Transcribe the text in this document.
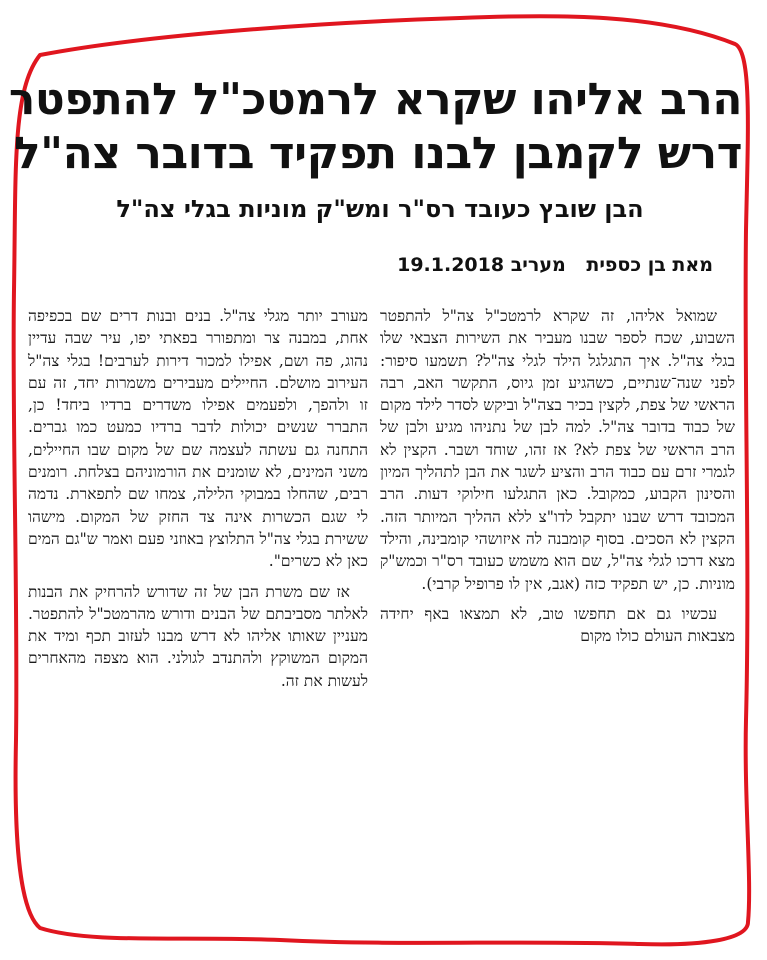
הרב אליהו שקרא לרמטכ"ל להתפטר
דרש לקמבן לבנו תפקיד בדובר צה"ל
הבן שובץ כעובד רס"ר ומש"ק מוניות בגלי צה"ל
מאת בן כספית מעריב 19.1.2018

שמואל אליהו, זה שקרא לרמטכ"ל צה"ל להתפטר השבוע, שכח לספר שבנו מעביר את השירות הצבאי שלו בגלי צה"ל. איך התגלגל הילד לגלי צה"ל? תשמעו סיפור: לפני שנה־שנתיים, כשהגיע זמן גיוס, התקשר האב, רבה הראשי של צפת, לקצין בכיר בצה"ל וביקש לסדר לילד מקום של כבוד בדובר צה"ל. למה לבן של נתניהו מגיע ולבן של הרב הראשי של צפת לא? אז זהו, שוחד ושבר. הקצין לא לגמרי זרם עם כבוד הרב והציע לשגר את הבן לתהליך המיון והסינון הקבוע, כמקובל. כאן התגלעו חילוקי דעות. הרב המכובד דרש שבנו יתקבל לדו"צ ללא ההליך המיותר הזה. הקצין לא הסכים. בסוף קומבנה לה איזושהי קומבינה, והילד מצא דרכו לגלי צה"ל, שם הוא משמש כעובד רס"ר וכמש"ק מוניות. כן, יש תפקיד כזה (אגב, אין לו פרופיל קרבי).

עכשיו גם אם תחפשו טוב, לא תמצאו באף יחידה מצבאות העולם כולו מקום

מעורב יותר מגלי צה"ל. בנים ובנות דרים שם בכפיפה אחת, במבנה צר ומתפורר בפאתי יפו, עיר שבה עדיין נהוג, פה ושם, אפילו למכור דירות לערבים! בגלי צה"ל העירוב מושלם. החיילים מעבירים משמרות יחד, זה עם זו ולהפך, ולפעמים אפילו משדרים ברדיו ביחד! כן, התברר שנשים יכולות לדבר ברדיו כמעט כמו גברים. התחנה גם עשתה לעצמה שם של מקום שבו החיילים, משני המינים, לא שומנים את הורמוניהם בצלחת. רומנים רבים, שהחלו במבוקי הלילה, צמחו שם לתפארת. נדמה לי שגם הכשרות אינה צד החזק של המקום. מישהו ששירת בגלי צה"ל התלוצץ באוזני פעם ואמר ש"גם המים כאן לא כשרים".

אז שם משרת הבן של זה שדורש להרחיק את הבנות לאלתר מסביבתם של הבנים ודורש מהרמטכ"ל להתפטר. מעניין שאותו אליהו לא דרש מבנו לעזוב תכף ומיד את המקום המשוקץ ולהתנדב לגולני. הוא מצפה מהאחרים לעשות את זה.
